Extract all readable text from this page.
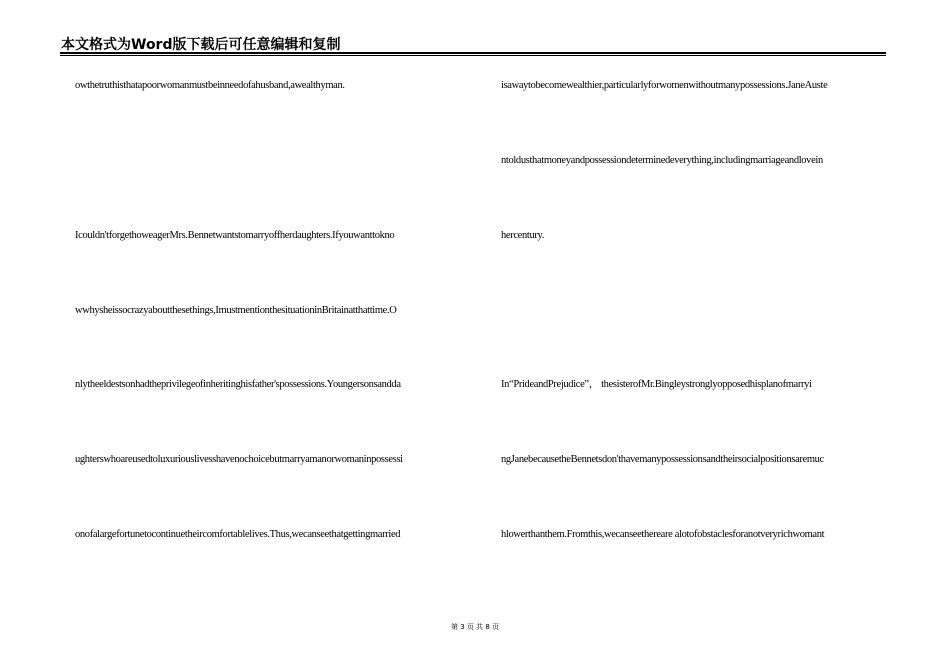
本文格式为Word版下载后可任意编辑和复制
owthetruthisthatapoorwomanmustbeinneedofahusband,awealthyman.
Icouldn'tforgethoweagerMrs.Bennetwantstomarryoffherdaughters.Ifyouwanttokno
wwhysheissocrazyaboutthesethings,ImustmentionthesituationinBritainatthattime.O
nlytheeldestsonhadtheprivilegeofinheritinghisfather'spossessions.Youngersonsandda
ughterswhoareusedtoluxuriouslivesshavenochoicebutmarryamanorwomaninpossessi
onofalargefortunetocontinuetheircomfortablelives.Thus,wecanseethatgettingmarried
isawaytobecomewealthier,particularlyforwomenwithoutmanypossessions.JaneAuste
ntoldusthatmoneyandpossessiondeterminedeverything,includingmarriageandlovein
hercentury.
In“PrideandPrejudice”， thesisterofMr.Bingleystronglyopposedhisplanofmarryi
ngJanebecausetheBennetsdon'thavemanypossessionsandtheirsocialpositionsaremuc
hlowerthanthem.Fromthis,wecanseethereare alotofobstaclesforanotveryrichwomant
第 3 页 共 8 页
